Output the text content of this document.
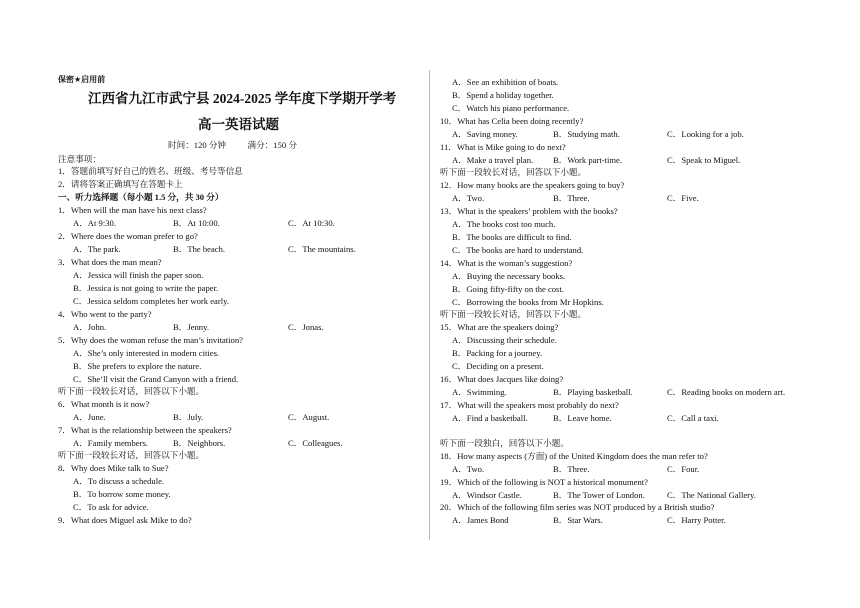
保密★启用前
江西省九江市武宁县 2024-2025 学年度下学期开学考
高一英语试题
时间：120 分钟          满分：150 分
注意事项：
1．答题前填写好自己的姓名、班级、考号等信息
2．请将答案正确填写在答题卡上
一、听力选择题（每小题 1.5 分，共 30 分）
1．When will the man have his next class?
A．At 9:30.	B．At 10:00.	C．At 10:30.
2．Where does the woman prefer to go?
A．The park.	B．The beach.	C．The mountains.
3．What does the man mean?
A．Jessica will finish the paper soon.
B．Jessica is not going to write the paper.
C．Jessica seldom completes her work early.
4．Who went to the party?
A．John.	B．Jenny.	C．Jonas.
5．Why does the woman refuse the man’s invitation?
A．She’s only interested in modern cities.
B．She prefers to explore the nature.
C．She’ll visit the Grand Canyon with a friend.
听下面一段较长对话，回答以下小题。
6．What month is it now?
A．June.	B．July.	C．August.
7．What is the relationship between the speakers?
A．Family members.	B．Neighbors.	C．Colleagues.
听下面一段较长对话，回答以下小题。
8．Why does Mike talk to Sue?
A．To discuss a schedule.
B．To borrow some money.
C．To ask for advice.
9．What does Miguel ask Mike to do?
A．See an exhibition of boats.
B．Spend a holiday together.
C．Watch his piano performance.
10．What has Celia been doing recently?
A．Saving money.	B．Studying math.	C．Looking for a job.
11．What is Mike going to do next?
A．Make a travel plan. B．Work part-time.	C．Speak to Miguel.
听下面一段较长对话，回答以下小题。
12．How many books are the speakers going to buy?
A．Two.	B．Three.	C．Five.
13．What is the speakers’ problem with the books?
A．The books cost too much.
B．The books are difficult to find.
C．The books are hard to understand.
14．What is the woman’s suggestion?
A．Buying the necessary books.
B．Going fifty-fifty on the cost.
C．Borrowing the books from Mr Hopkins.
听下面一段较长对话，回答以下小题。
15．What are the speakers doing?
A．Discussing their schedule.
B．Packing for a journey.
C．Deciding on a present.
16．What does Jacques like doing?
A．Swimming.	B．Playing basketball.	C．Reading books on modern art.
17．What will the speakers most probably do next?
A．Find a basketball.	B．Leave home.	C．Call a taxi.
听下面一段独白，回答以下小题。
18．How many aspects (方面) of the United Kingdom does the man refer to?
A．Two.	B．Three.	C．Four.
19．Which of the following is NOT a historical monument?
A．Windsor Castle.	B．The Tower of London.	C．The National Gallery.
20．Which of the following film series was NOT produced by a British studio?
A．James Bond	B．Star Wars.	C．Harry Potter.
